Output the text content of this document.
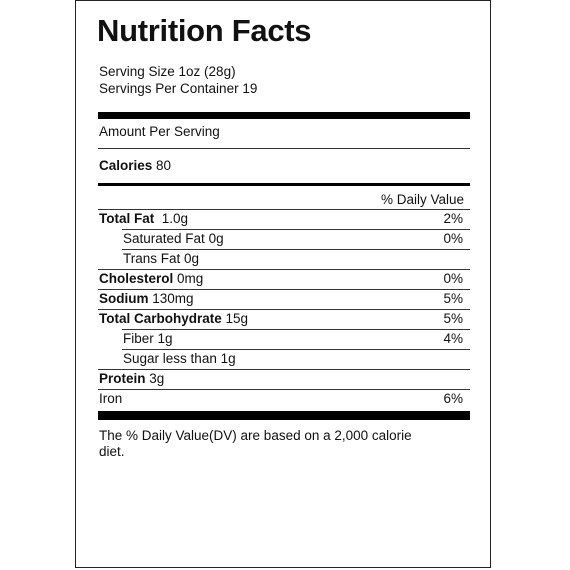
Nutrition Facts
Serving Size 1oz (28g)
Servings Per Container 19
Amount Per Serving
Calories 80
% Daily Value
Total Fat 1.0g	2%
Saturated Fat 0g	0%
Trans Fat 0g
Cholesterol 0mg	0%
Sodium 130mg	5%
Total Carbohydrate 15g	5%
Fiber 1g	4%
Sugar less than 1g
Protein 3g
Iron	6%
The % Daily Value(DV) are based on a 2,000 calorie diet.
